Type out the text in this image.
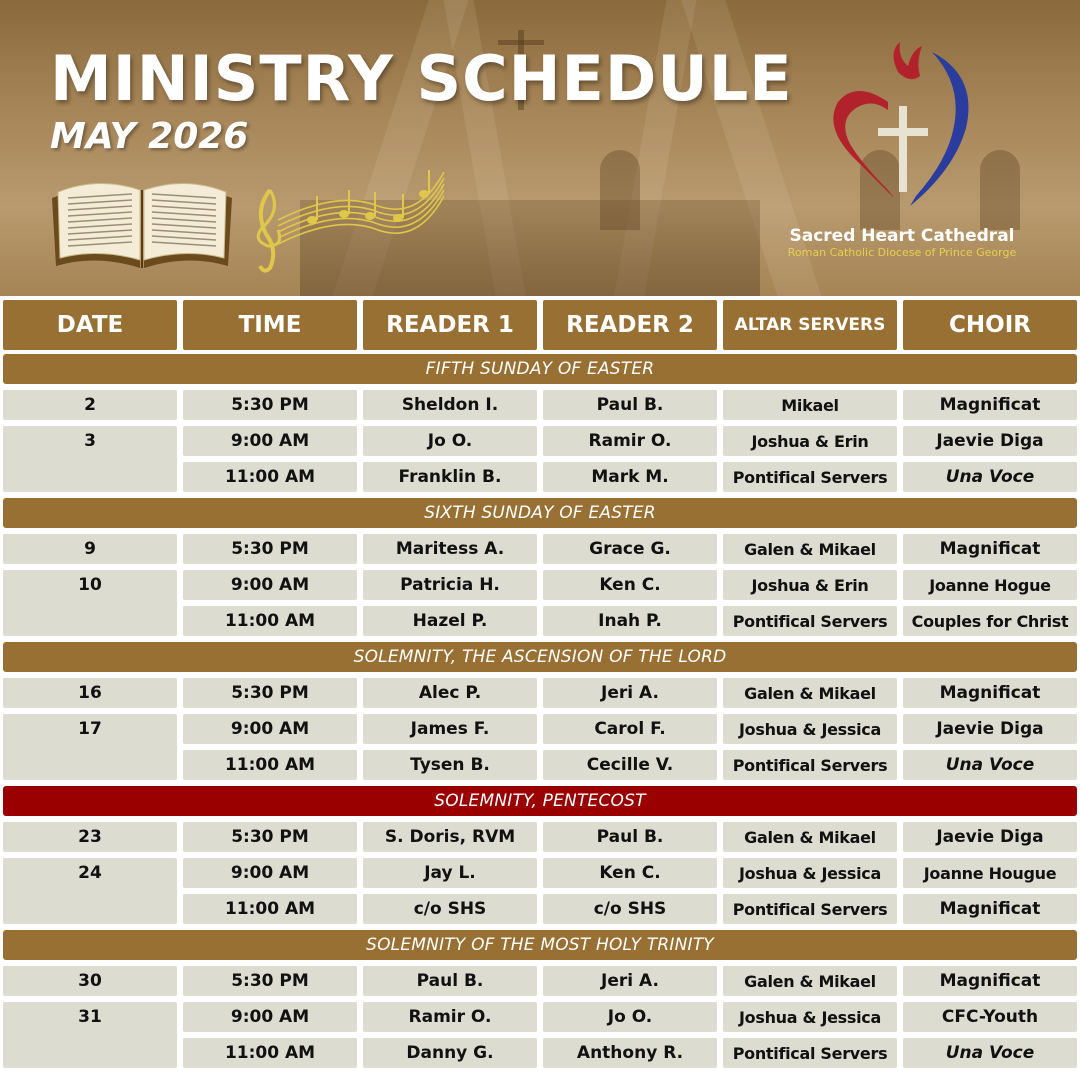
MINISTRY SCHEDULE
MAY 2026
Sacred Heart Cathedral
Roman Catholic Diocese of Prince George
DATE	TIME	READER 1	READER 2	ALTAR SERVERS	CHOIR
FIFTH SUNDAY OF EASTER
2	5:30 PM	Sheldon I.	Paul B.	Mikael	Magnificat
3	9:00 AM	Jo O.	Ramir O.	Joshua & Erin	Jaevie Diga
11:00 AM	Franklin B.	Mark M.	Pontifical Servers	Una Voce
SIXTH SUNDAY OF EASTER
9	5:30 PM	Maritess A.	Grace G.	Galen & Mikael	Magnificat
10	9:00 AM	Patricia H.	Ken C.	Joshua & Erin	Joanne Hogue
11:00 AM	Hazel P.	Inah P.	Pontifical Servers	Couples for Christ
SOLEMNITY, THE ASCENSION OF THE LORD
16	5:30 PM	Alec P.	Jeri A.	Galen & Mikael	Magnificat
17	9:00 AM	James F.	Carol F.	Joshua & Jessica	Jaevie Diga
11:00 AM	Tysen B.	Cecille V.	Pontifical Servers	Una Voce
SOLEMNITY, PENTECOST
23	5:30 PM	S. Doris, RVM	Paul B.	Galen & Mikael	Jaevie Diga
24	9:00 AM	Jay L.	Ken C.	Joshua & Jessica	Joanne Hougue
11:00 AM	c/o SHS	c/o SHS	Pontifical Servers	Magnificat
SOLEMNITY OF THE MOST HOLY TRINITY
30	5:30 PM	Paul B.	Jeri A.	Galen & Mikael	Magnificat
31	9:00 AM	Ramir O.	Jo O.	Joshua & Jessica	CFC-Youth
11:00 AM	Danny G.	Anthony R.	Pontifical Servers	Una Voce
